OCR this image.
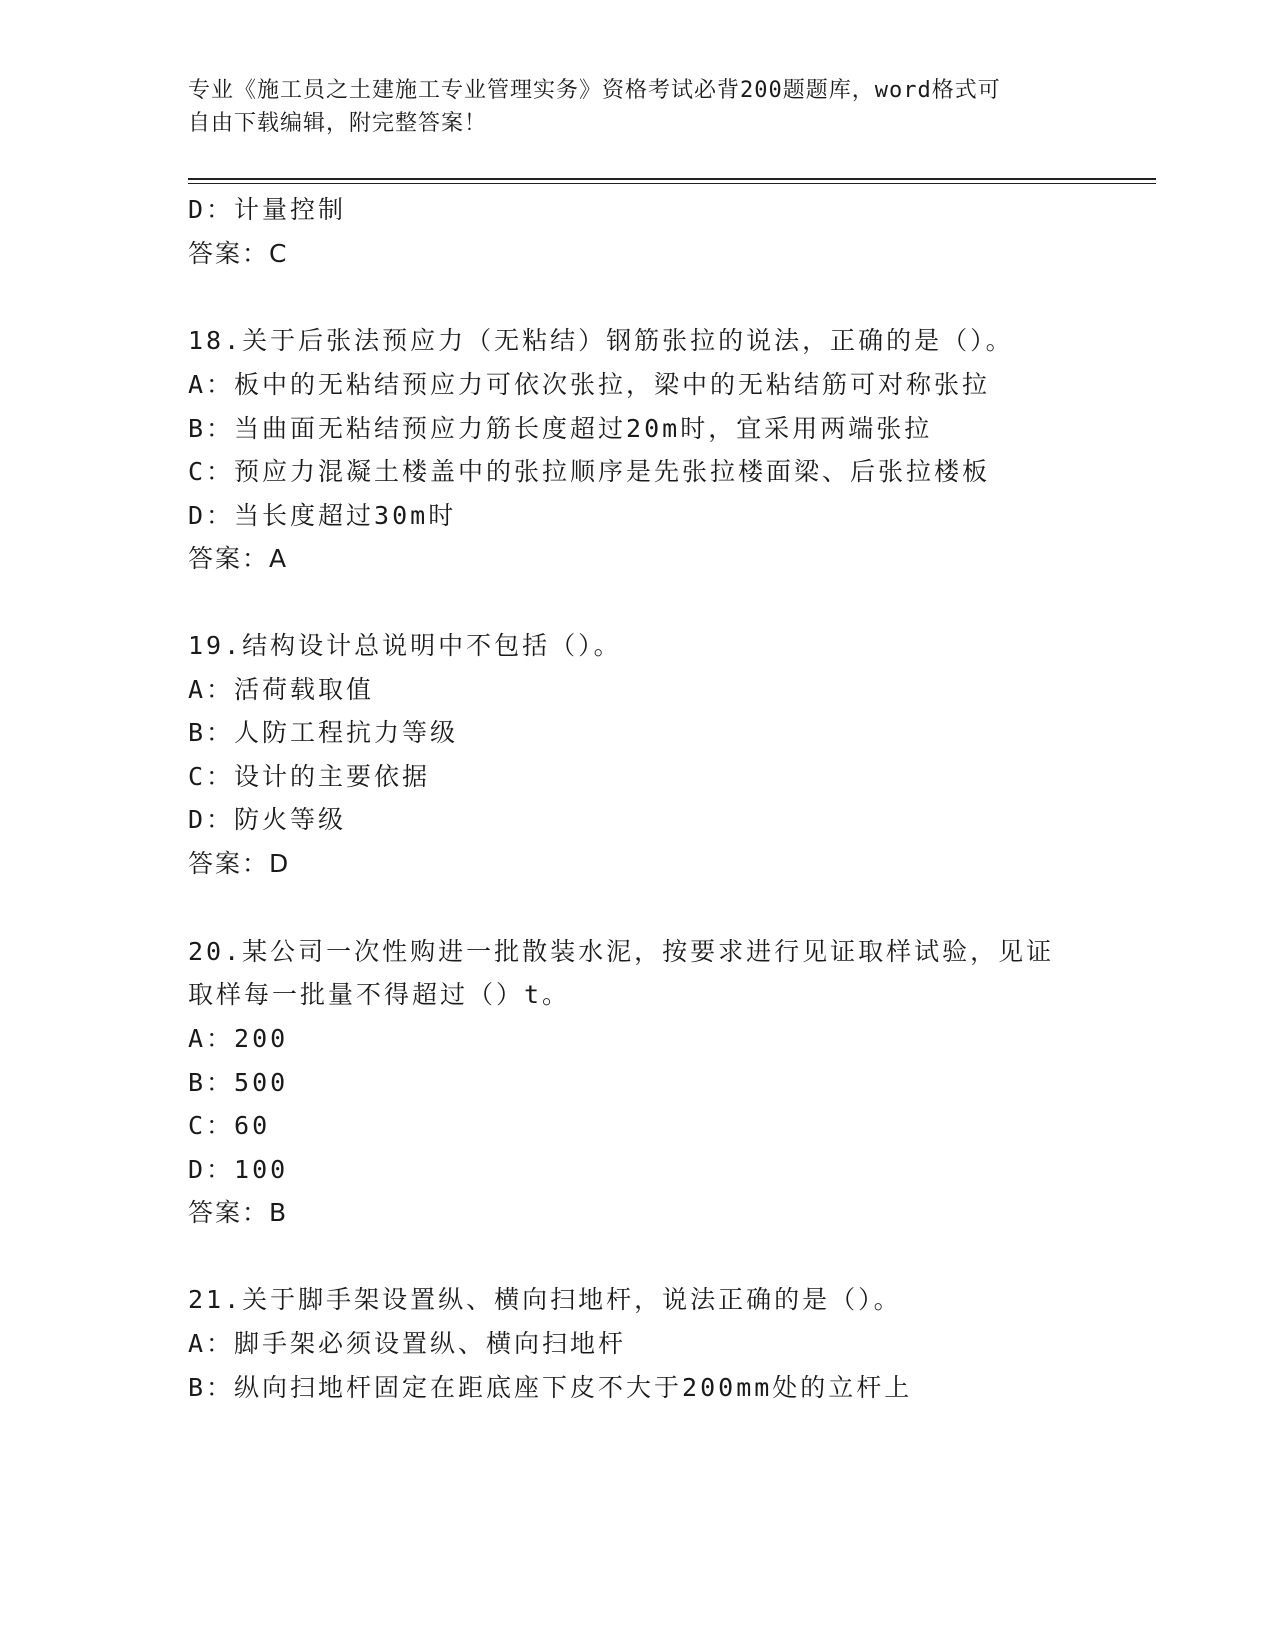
专业《施工员之土建施工专业管理实务》资格考试必背200题题库，word格式可
自由下载编辑，附完整答案！
D：计量控制
答案：C
18.关于后张法预应力（无粘结）钢筋张拉的说法，正确的是（）。
A：板中的无粘结预应力可依次张拉，梁中的无粘结筋可对称张拉
B：当曲面无粘结预应力筋长度超过20m时，宜采用两端张拉
C：预应力混凝土楼盖中的张拉顺序是先张拉楼面梁、后张拉楼板
D：当长度超过30m时
答案：A
19.结构设计总说明中不包括（）。
A：活荷载取值
B：人防工程抗力等级
C：设计的主要依据
D：防火等级
答案：D
20.某公司一次性购进一批散装水泥，按要求进行见证取样试验，见证
取样每一批量不得超过（）t。
A：200
B：500
C：60
D：100
答案：B
21.关于脚手架设置纵、横向扫地杆，说法正确的是（）。
A：脚手架必须设置纵、横向扫地杆
B：纵向扫地杆固定在距底座下皮不大于200mm处的立杆上
